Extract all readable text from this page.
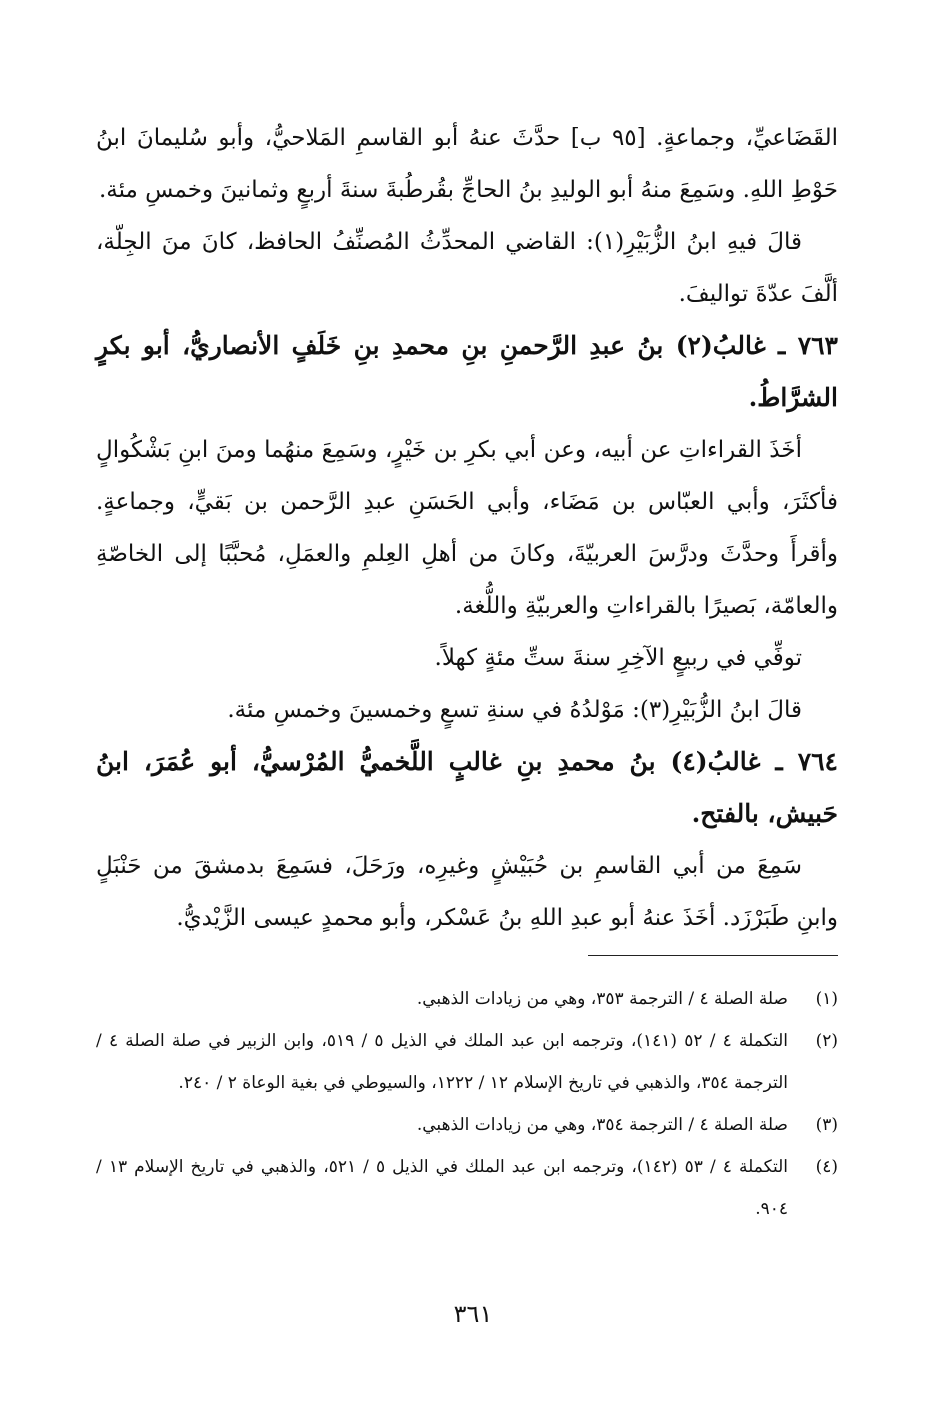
القَضَاعيِّ، وجماعةٍ. [٩٥ ب] حدَّثَ عنهُ أبو القاسمِ المَلاحيُّ، وأبو سُليمانَ ابنُ حَوْطِ اللهِ. وسَمِعَ منهُ أبو الوليدِ بنُ الحاجِّ بقُرطُبةَ سنةَ أربعٍ وثمانينَ وخمسِ مئة.

قالَ فيهِ ابنُ الزُّبَيْرِ(١): القاضي المحدِّثُ المُصنِّفُ الحافظ، كانَ منَ الجِلّة، ألَّفَ عدّةَ تواليفَ.

٧٦٣ ـ غالبُ(٢) بنُ عبدِ الرَّحمنِ بنِ محمدِ بنِ خَلَفٍ الأنصاريُّ، أبو بكرٍ الشرَّاطُ.

أخَذَ القراءاتِ عن أبيه، وعن أبي بكرِ بن خَيْرٍ، وسَمِعَ منهُما ومنَ ابنِ بَشْكُوالٍ فأكثَرَ، وأبي العبّاس بن مَضَاء، وأبي الحَسَنِ عبدِ الرَّحمن بن بَقيٍّ، وجماعةٍ. وأقرأَ وحدَّثَ ودرَّسَ العربيّةَ، وكانَ من أهلِ العِلمِ والعمَلِ، مُحبَّبًا إلى الخاصّةِ والعامّة، بَصيرًا بالقراءاتِ والعربيّةِ واللُّغة.

توفِّي في ربيعٍ الآخِرِ سنةَ ستِّ مئةٍ كهلاً.

قالَ ابنُ الزُّبَيْرِ(٣): مَوْلدُهُ في سنةِ تسعٍ وخمسينَ وخمسِ مئة.

٧٦٤ ـ غالبُ(٤) بنُ محمدِ بنِ غالبٍ اللَّخميُّ المُرْسيُّ، أبو عُمَرَ، ابنُ حَبيش، بالفتح.

سَمِعَ من أبي القاسمِ بن حُبَيْشٍ وغيرِه، ورَحَلَ، فسَمِعَ بدمشقَ من حَنْبَلٍ وابنِ طَبَرْزَد. أخَذَ عنهُ أبو عبدِ اللهِ بنُ عَسْكر، وأبو محمدٍ عيسى الزَّيْديُّ.

(١)
صلة الصلة ٤ / الترجمة ٣٥٣، وهي من زيادات الذهبي.
(٢)
التكملة ٤ / ٥٢ (١٤١)، وترجمه ابن عبد الملك في الذيل ٥ / ٥١٩، وابن الزبير في صلة الصلة ٤ / الترجمة ٣٥٤، والذهبي في تاريخ الإسلام ١٢ / ١٢٢٢، والسيوطي في بغية الوعاة ٢ / ٢٤٠.
(٣)
صلة الصلة ٤ / الترجمة ٣٥٤، وهي من زيادات الذهبي.
(٤)
التكملة ٤ / ٥٣ (١٤٢)، وترجمه ابن عبد الملك في الذيل ٥ / ٥٢١، والذهبي في تاريخ الإسلام ١٣ / ٩٠٤.
٣٦١
